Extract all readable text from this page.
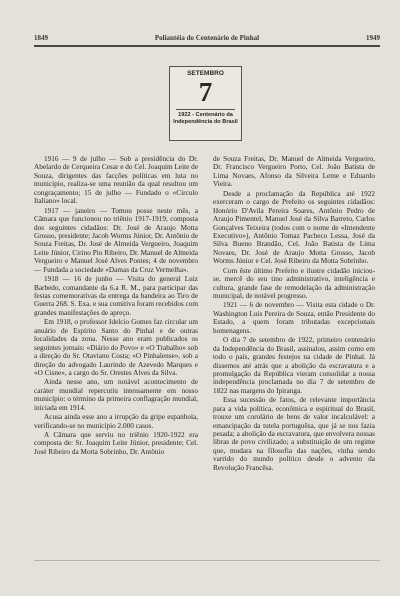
1849	Poliantéia do Centenário de Pinhal	1949
SETEMBRO
7
1922 - Centenário da Independência do Brasil

1916 — 9 de julho — Sob a presidência do Dr. Abelardo de Cerqueira Cesar e do Cel. Joaquim Leite de Souza, dirigentes das facções políticas em luta no município, realiza-se uma reunião da qual resultou um congraçamento; 15 de julho — Fundado o «Circulo Italiano» local.

1917 — janeiro — Tomou posse neste mês, a Câmara que funcionou no triênio 1917-1919, composta dos seguintes cidadãos: Dr. José de Araujo Motta Grosso, presidente; Jacob Worms Júnior, Dr. Antônio de Souza Freitas, Dr. José de Almeida Vergueiro, Joaquim Leite Júnior, Cirino Pio Ribeiro, Dr. Manuel de Almeida Vergueiro e Manuel José Alves Pontes; 4 de novembro — Fundada a sociedade «Damas da Cruz Vermelha».

1918 — 16 de junho — Visita do general Luiz Barbedo, comandante da 6.a R. M., para participar das festas comemorativas da entrega da bandeira ao Tiro de Guerra 268. S. Exa. e sua comitiva foram recebidos com grandes manifestações de apreço.

Em 1918, o professor Idelcio Gomes faz circular um anuário de Espírito Santo do Pinhal e de outras localidades da zona. Nesse ano eram publicados os seguintes jornais: «Diário do Povo» e «O Trabalho» sob a direção do Sr. Otaviano Costa; «O Pinhalense», sob a direção do advogado Laurindo de Azevedo Marques e «O Cisne», a cargo do Sr. Orestes Alves da Silva.

Ainda nesse ano, um notável acontecimento de caráter mundial repercutiu intensamente em nosso município: o término da primeira conflagração mundial, iniciada em 1914.

Acusa ainda esse ano a irrupção da gripe espanhola, verificando-se no município 2.000 casos.

A Câmara que serviu no triênio 1920-1922 era composta de: Sr. Joaquim Leite Júnior, presidente; Cel. José Ribeiro da Motta Sobrinho, Dr. Antônio

de Souza Freitas, Dr. Manuel de Almeida Vergueiro, Dr. Francisco Vergueiro Porto, Cel. João Batista de Lima Novaes, Afonso da Silveira Leme e Eduardo Vieira.

Desde a proclamação da República até 1922 exerceram o cargo de Prefeito os seguintes cidadãos: Honório D'Avila Pereira Soares, Antônio Pedro de Araujo Pimentel, Manuel José da Silva Barreto, Carlos Gonçalves Teixeira (todos com o nome de «Intendente Executivo»), Antônio Tomaz Pacheco Lessa, José da Silva Bueno Brandão, Cel. João Batista de Lima Novaes, Dr. José de Araujo Motta Grosso, Jacob Worms Júnior e Cel. José Ribeiro da Motta Sobrinho.

Com êste último Prefeito e ilustre cidadão iniciou-se, mercê do seu tino administrativo, inteligência e cultura, grande fase de remodelação da administração municipal, de notável progresso.

1921 — 6 de novembro — Visita esta cidade o Dr. Washington Luis Pereira de Souza, então Presidente do Estado, a quem foram tributadas excepcionais homenagens.

O dia 7 de setembro de 1922, primeiro centenário da Independência do Brasil, assinalou, assim como em todo o país, grandes festejos na cidade de Pinhal. Já dissemos até atrás que a abolição da escravatura e a promulgação da República vieram consolidar a nossa independência proclamada no dia 7 de setembro de 1822 nas margens do Ipiranga.

Essa sucessão de fatos, de relevante importância para a vida política, econômica e espiritual do Brasil, trouxe um corolário de bens de valor incalculável: a emancipação da tutela portuguêsa, que já se nos fazia pesada; a abolição da escravatura, que envolvera nossas libras de povo civilizado; a substituição de um regime que, mudara na filosofia das nações, vinha sendo varrido do mundo político desde o advento da Revolução Francêsa.
